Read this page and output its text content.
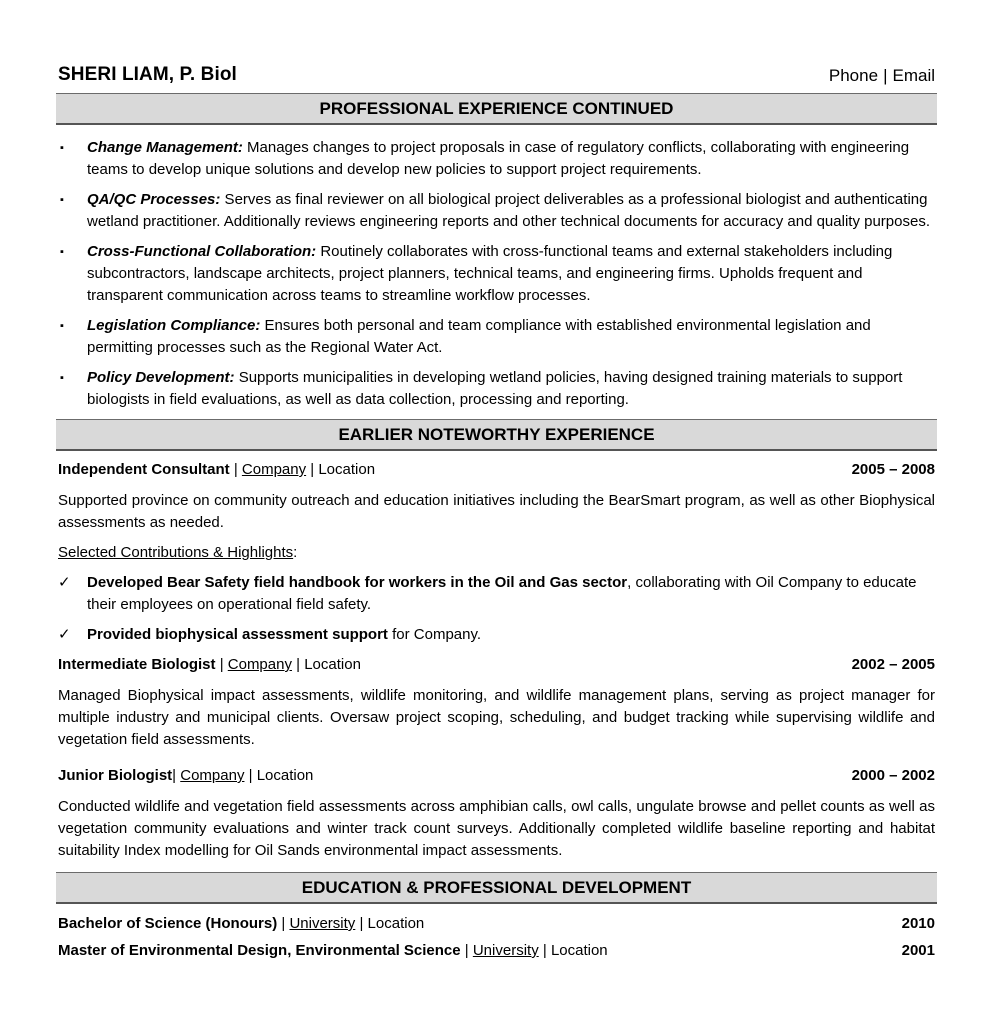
SHERI LIAM, P. Biol	Phone | Email
PROFESSIONAL EXPERIENCE CONTINUED
▪ Change Management: Manages changes to project proposals in case of regulatory conflicts, collaborating with engineering teams to develop unique solutions and develop new policies to support project requirements.
▪ QA/QC Processes: Serves as final reviewer on all biological project deliverables as a professional biologist and authenticating wetland practitioner. Additionally reviews engineering reports and other technical documents for accuracy and quality purposes.
▪ Cross-Functional Collaboration: Routinely collaborates with cross-functional teams and external stakeholders including subcontractors, landscape architects, project planners, technical teams, and engineering firms. Upholds frequent and transparent communication across teams to streamline workflow processes.
▪ Legislation Compliance: Ensures both personal and team compliance with established environmental legislation and permitting processes such as the Regional Water Act.
▪ Policy Development: Supports municipalities in developing wetland policies, having designed training materials to support biologists in field evaluations, as well as data collection, processing and reporting.
EARLIER NOTEWORTHY EXPERIENCE
Independent Consultant | Company | Location	2005 – 2008
Supported province on community outreach and education initiatives including the BearSmart program, as well as other Biophysical assessments as needed.
Selected Contributions & Highlights:
✓ Developed Bear Safety field handbook for workers in the Oil and Gas sector, collaborating with Oil Company to educate their employees on operational field safety.
✓ Provided biophysical assessment support for Company.
Intermediate Biologist | Company | Location	2002 – 2005
Managed Biophysical impact assessments, wildlife monitoring, and wildlife management plans, serving as project manager for multiple industry and municipal clients. Oversaw project scoping, scheduling, and budget tracking while supervising wildlife and vegetation field assessments.
Junior Biologist| Company | Location	2000 – 2002
Conducted wildlife and vegetation field assessments across amphibian calls, owl calls, ungulate browse and pellet counts as well as vegetation community evaluations and winter track count surveys. Additionally completed wildlife baseline reporting and habitat suitability Index modelling for Oil Sands environmental impact assessments.
EDUCATION & PROFESSIONAL DEVELOPMENT
Bachelor of Science (Honours) | University | Location	2010
Master of Environmental Design, Environmental Science | University | Location	2001
